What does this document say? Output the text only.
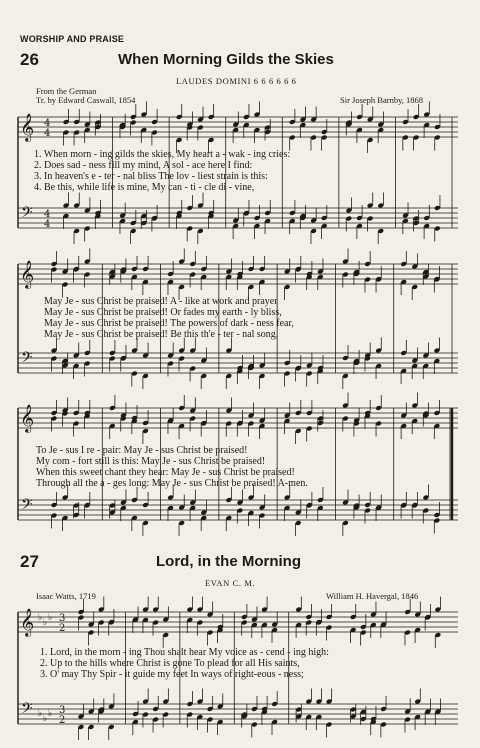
WORSHIP AND PRAISE
26	When Morning Gilds the Skies
LAUDES DOMINI 6 6 6 6 6 6
From the German
Tr. by Edward Caswall, 1854	Sir Joseph Barnby, 1868
𝄞
𝄢
4
4
4
4
1. When morn - ing gilds the skies, My heart a - wak - ing cries:
2. Does sad - ness fill my mind, A sol - ace here I find:
3. In heaven's e - ter - nal bliss The lov - liest strain is this:
4. Be this, while life is mine, My can - ti - cle di - vine,
𝄞
𝄢
May Je - sus Christ be praised! A - like at work and prayer
May Je - sus Christ be praised! Or fades my earth - ly bliss,
May Je - sus Christ be praised! The powers of dark - ness fear,
May Je - sus Christ be praised! Be this th'e - ter - nal song,
𝄞
𝄢
To Je - sus I re - pair: May Je - sus Christ be praised!
My com - fort still is this: May Je - sus Christ be praised!
When this sweet chant they hear: May Je - sus Christ be praised!
Through all the a - ges long: May Je - sus Christ be praised! A-men.
27	Lord, in the Morning
EVAN C. M.
Isaac Watts, 1719	William H. Havergal, 1846
𝄞
𝄢
♭
♭
♭
♭
♭
♭
3
2
3
2
1. Lord, in the morn - ing Thou shalt hear My voice as - cend - ing high:
2. Up to the hills where Christ is gone To plead for all His saints,
3. O' may Thy Spir - it guide my feet In ways of right-eous - ness;
